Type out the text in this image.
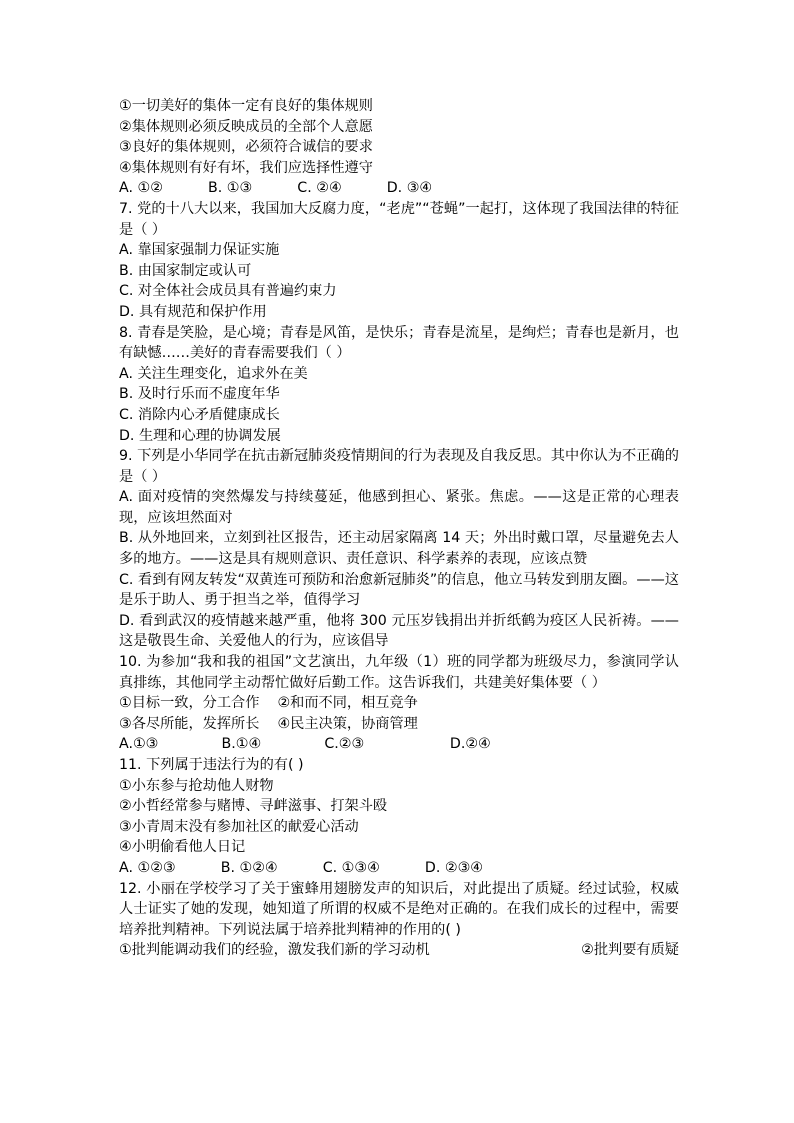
①一切美好的集体一定有良好的集体规则
②集体规则必须反映成员的全部个人意愿
③良好的集体规则，必须符合诚信的要求
④集体规则有好有坏，我们应选择性遵守
A. ①②          B. ①③          C. ②④          D. ③④
7. 党的十八大以来，我国加大反腐力度，“老虎”“苍蝇”一起打，这体现了我国法律的特征是（ ）
A. 靠国家强制力保证实施
B. 由国家制定或认可
C. 对全体社会成员具有普遍约束力
D. 具有规范和保护作用
8. 青春是笑脸，是心境；青春是风笛，是快乐；青春是流星，是绚烂；青春也是新月，也有缺憾……美好的青春需要我们（ ）
A. 关注生理变化，追求外在美
B. 及时行乐而不虚度年华
C. 消除内心矛盾健康成长
D. 生理和心理的协调发展
9. 下列是小华同学在抗击新冠肺炎疫情期间的行为表现及自我反思。其中你认为不正确的是（ ）
A. 面对疫情的突然爆发与持续蔓延，他感到担心、紧张。焦虑。——这是正常的心理表现，应该坦然面对
B. 从外地回来，立刻到社区报告，还主动居家隔离 14 天；外出时戴口罩，尽量避免去人多的地方。——这是具有规则意识、责任意识、科学素养的表现，应该点赞
C. 看到有网友转发“双黄连可预防和治愈新冠肺炎”的信息，他立马转发到朋友圈。——这是乐于助人、勇于担当之举，值得学习
D. 看到武汉的疫情越来越严重，他将 300 元压岁钱捐出并折纸鹤为疫区人民祈祷。——这是敬畏生命、关爱他人的行为，应该倡导
10. 为参加“我和我的祖国”文艺演出，九年级（1）班的同学都为班级尽力，参演同学认真排练，其他同学主动帮忙做好后勤工作。这告诉我们，共建美好集体要（ ）
①目标一致，分工合作    ②和而不同，相互竞争
③各尽所能，发挥所长    ④民主决策，协商管理
A.①③              B.①④              C.②③                   D.②④
11. 下列属于违法行为的有( )
①小东参与抢劫他人财物
②小哲经常参与赌博、寻衅滋事、打架斗殴
③小青周末没有参加社区的献爱心活动
④小明偷看他人日记
A. ①②③          B. ①②④          C. ①③④          D. ②③④
12. 小丽在学校学习了关于蜜蜂用翅膀发声的知识后，对此提出了质疑。经过试验，权威人士证实了她的发现，她知道了所谓的权威不是绝对正确的。在我们成长的过程中，需要培养批判精神。下列说法属于培养批判精神的作用的( )
①批判能调动我们的经验，激发我们新的学习动机	②批判要有质疑
